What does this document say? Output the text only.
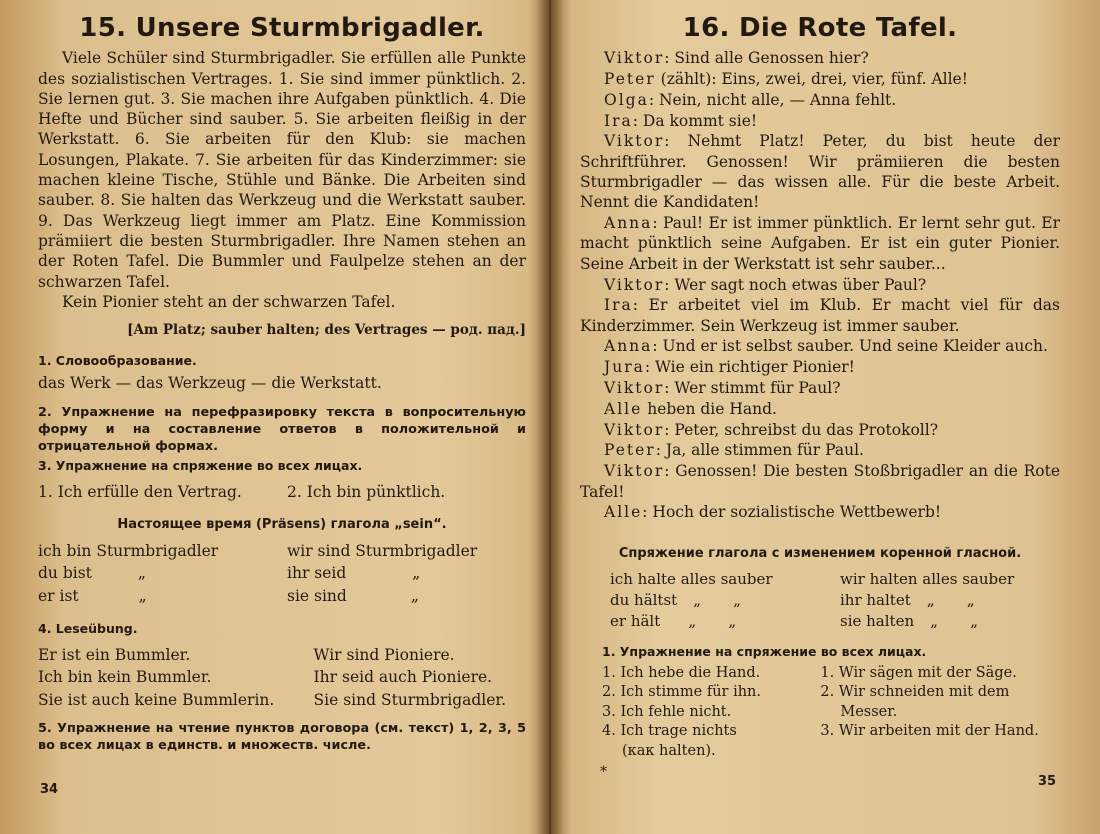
15. Unsere Sturmbrigadler.

Viele Schüler sind Sturmbrigadler. Sie erfüllen alle Punkte des sozialistischen Vertrages. 1. Sie sind immer pünktlich. 2. Sie lernen gut. 3. Sie machen ihre Aufgaben pünktlich. 4. Die Hefte und Bücher sind sauber. 5. Sie arbeiten fleißig in der Werkstatt. 6. Sie arbeiten für den Klub: sie machen Losungen, Plakate. 7. Sie arbeiten für das Kinderzimmer: sie machen kleine Tische, Stühle und Bänke. Die Arbeiten sind sauber. 8. Sie halten das Werkzeug und die Werkstatt sauber. 9. Das Werkzeug liegt immer am Platz. Eine Kommission prämiiert die besten Sturmbrigadler. Ihre Namen stehen an der Roten Tafel. Die Bummler und Faulpelze stehen an der schwarzen Tafel.

Kein Pionier steht an der schwarzen Tafel.

[Am Platz; sauber halten; des Vertrages — род. пад.]

1. Словообразование.

das Werk — das Werkzeug — die Werkstatt.

2. Упражнение на перефразировку текста в вопросительную форму и на составление ответов в положительной и отрицательной формах.
3. Упражнение на спряжение во всех лицах.
1. Ich erfülle den Vertrag.	2. Ich bin pünktlich.
Настоящее время (Präsens) глагола „sein“.
ich bin Sturmbrigadler	wir sind Sturmbrigadler
du bist	„	ihr seid	„
er ist	„	sie sind	„
4. Leseübung.
Er ist ein Bummler.	Wir sind Pioniere.
Ich bin kein Bummler.	Ihr seid auch Pioniere.
Sie ist auch keine Bummlerin.	Sie sind Sturmbrigadler.
5. Упражнение на чтение пунктов договора (см. текст) 1, 2, 3, 5 во всех лицах в единств. и множеств. числе.
34
16. Die Rote Tafel.

Viktor: Sind alle Genossen hier?

Peter (zählt): Eins, zwei, drei, vier, fünf. Alle!

Olga: Nein, nicht alle, — Anna fehlt.

Ira: Da kommt sie!

Viktor: Nehmt Platz! Peter, du bist heute der Schriftführer. Genossen! Wir prämiieren die besten Sturmbrigadler — das wissen alle. Für die beste Arbeit. Nennt die Kandidaten!

Anna: Paul! Er ist immer pünktlich. Er lernt sehr gut. Er macht pünktlich seine Aufgaben. Er ist ein guter Pionier. Seine Arbeit in der Werkstatt ist sehr sauber...

Viktor: Wer sagt noch etwas über Paul?

Ira: Er arbeitet viel im Klub. Er macht viel für das Kinderzimmer. Sein Werkzeug ist immer sauber.

Anna: Und er ist selbst sauber. Und seine Kleider auch.

Jura: Wie ein richtiger Pionier!

Viktor: Wer stimmt für Paul?

Alle heben die Hand.

Viktor: Peter, schreibst du das Protokoll?

Peter: Ja, alle stimmen für Paul.

Viktor: Genossen! Die besten Stoßbrigadler an die Rote Tafel!

Alle: Hoch der sozialistische Wettbewerb!

Спряжение глагола с изменением коренной гласной.
ich halte alles sauber	wir halten alles sauber
du hältst „ „	ihr haltet „ „
er hält „ „	sie halten „ „
1. Упражнение на спряжение во всех лицах.
1. Ich hebe die Hand.
2. Ich stimme für ihn.
3. Ich fehle nicht.
4. Ich trage nichts
(как halten).
1. Wir sägen mit der Säge.
2. Wir schneiden mit dem
Messer.
3. Wir arbeiten mit der Hand.
*
35
